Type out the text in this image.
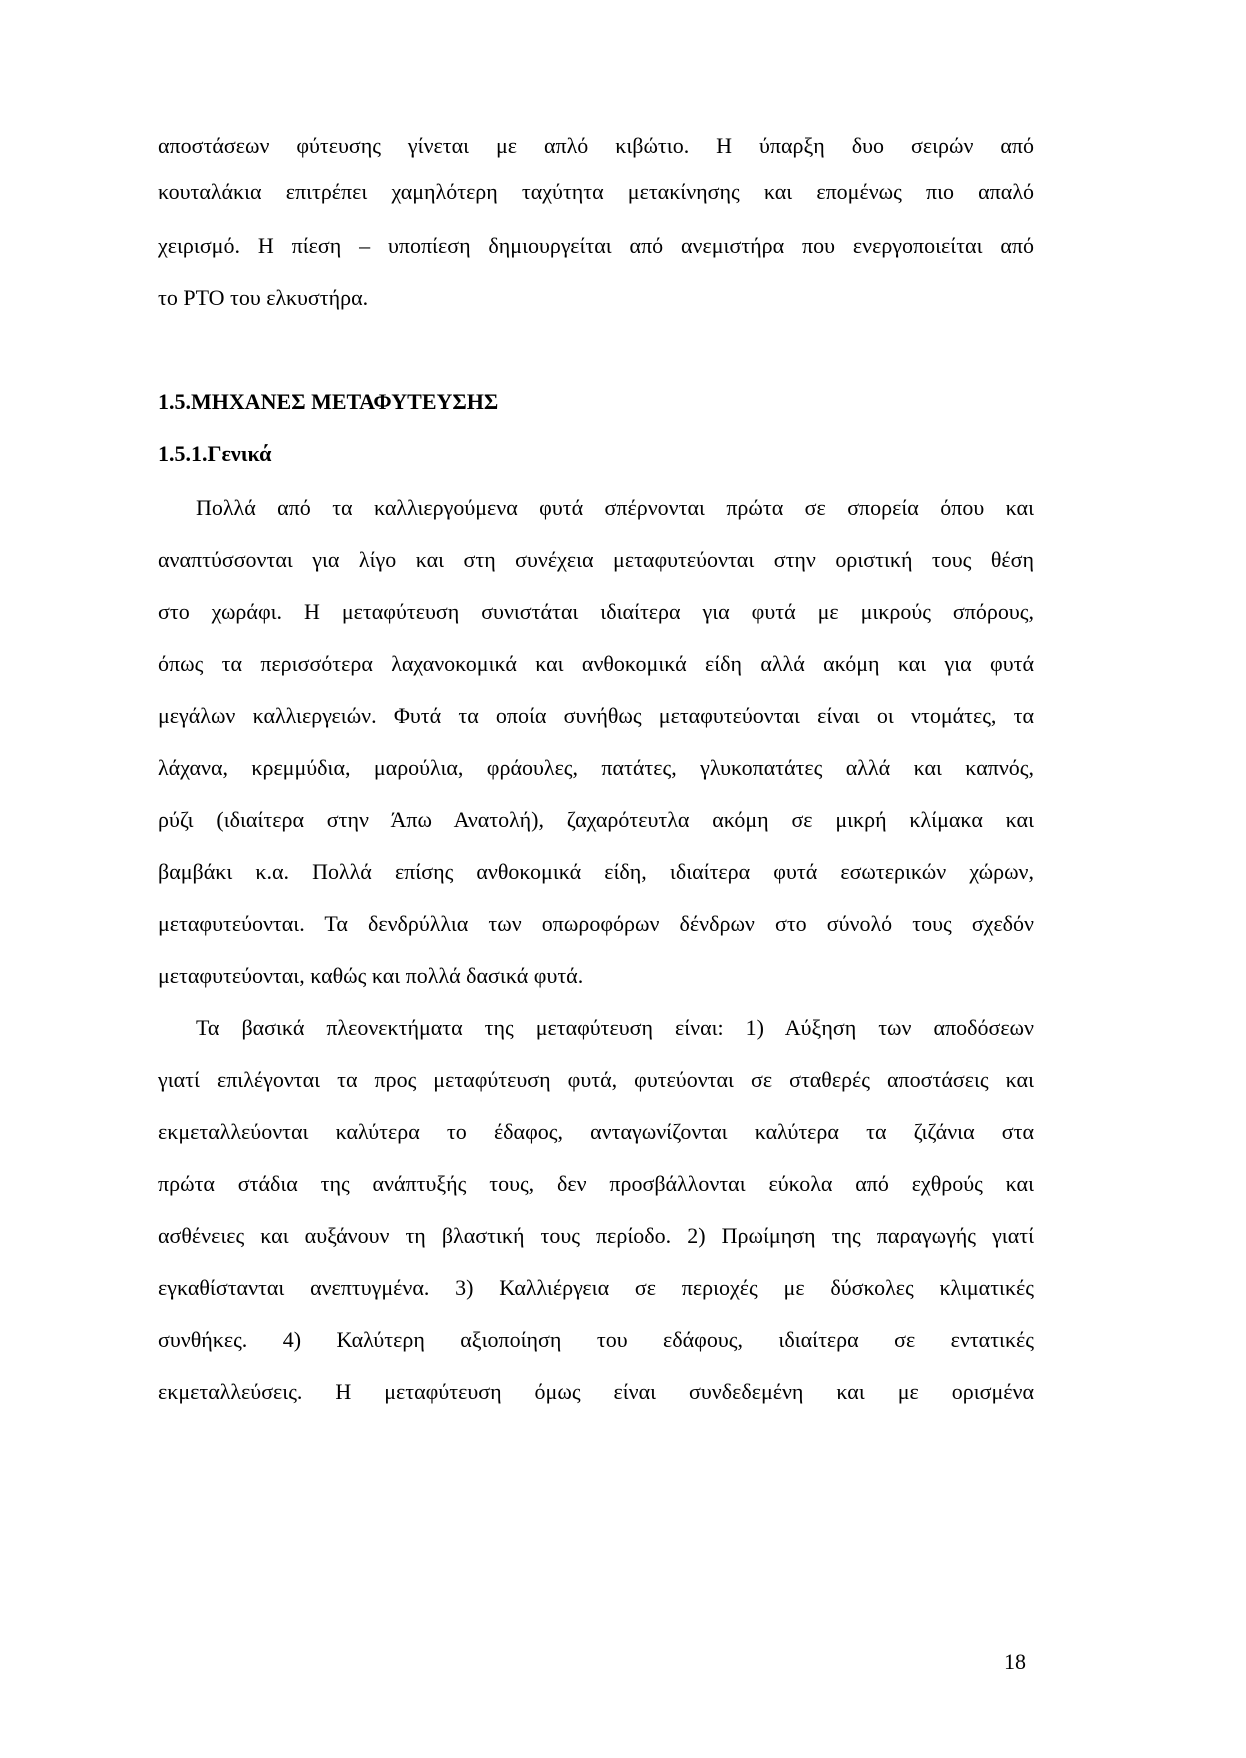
αποστάσεων φύτευσης γίνεται με απλό κιβώτιο. Η ύπαρξη δυο σειρών από
κουταλάκια επιτρέπει χαμηλότερη ταχύτητα μετακίνησης και επομένως πιο απαλό
χειρισμό. Η πίεση – υποπίεση δημιουργείται από ανεμιστήρα που ενεργοποιείται από
το PTO του ελκυστήρα.
1.5.ΜΗΧΑΝΕΣ ΜΕΤΑΦΥΤΕΥΣΗΣ
1.5.1.Γενικά
Πολλά από τα καλλιεργούμενα φυτά σπέρνονται πρώτα σε σπορεία όπου και
αναπτύσσονται για λίγο και στη συνέχεια μεταφυτεύονται στην οριστική τους θέση
στο χωράφι. Η μεταφύτευση συνιστάται ιδιαίτερα για φυτά με μικρούς σπόρους,
όπως τα περισσότερα λαχανοκομικά και ανθοκομικά είδη αλλά ακόμη και για φυτά
μεγάλων καλλιεργειών. Φυτά τα οποία συνήθως μεταφυτεύονται είναι οι ντομάτες, τα
λάχανα, κρεμμύδια, μαρούλια, φράουλες, πατάτες, γλυκοπατάτες αλλά και καπνός,
ρύζι (ιδιαίτερα στην Άπω Ανατολή), ζαχαρότευτλα ακόμη σε μικρή κλίμακα και
βαμβάκι κ.α. Πολλά επίσης ανθοκομικά είδη, ιδιαίτερα φυτά εσωτερικών χώρων,
μεταφυτεύονται. Τα δενδρύλλια των οπωροφόρων δένδρων στο σύνολό τους σχεδόν
μεταφυτεύονται, καθώς και πολλά δασικά φυτά.
Τα βασικά πλεονεκτήματα της μεταφύτευση είναι: 1) Αύξηση των αποδόσεων
γιατί επιλέγονται τα προς μεταφύτευση φυτά, φυτεύονται σε σταθερές αποστάσεις και
εκμεταλλεύονται καλύτερα το έδαφος, ανταγωνίζονται καλύτερα τα ζιζάνια στα
πρώτα στάδια της ανάπτυξής τους, δεν προσβάλλονται εύκολα από εχθρούς και
ασθένειες και αυξάνουν τη βλαστική τους περίοδο. 2) Πρωίμηση της παραγωγής γιατί
εγκαθίστανται ανεπτυγμένα. 3) Καλλιέργεια σε περιοχές με δύσκολες κλιματικές
συνθήκες. 4) Καλύτερη αξιοποίηση του εδάφους, ιδιαίτερα σε εντατικές
εκμεταλλεύσεις. Η μεταφύτευση όμως είναι συνδεδεμένη και με ορισμένα
18
